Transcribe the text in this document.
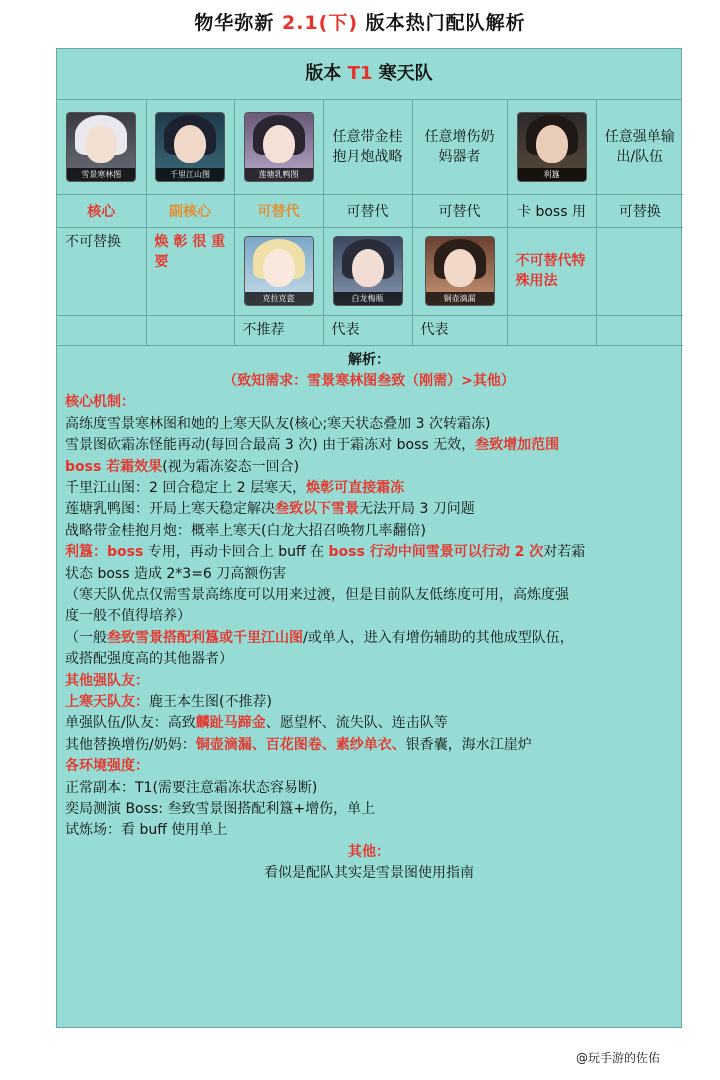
物华弥新 2.1(下) 版本热门配队解析
版本 T1 寒天队
雪景寒林图	千里江山图	莲塘乳鸭图	任意带金桂抱月炮战略	任意增伤奶妈器者	利簋	任意强单输出/队伍
核心	副核心	可替代	可替代	可替代	卡 boss 用	可替换
不可替换	焕 彰 很 重 要	克拉克瓷	白龙梅瓶	铜壶滴漏	不可替代特殊用法	
		不推荐	代表	代表		
解析：
（致知需求：雪景寒林图叁致（刚需）>其他）
核心机制：
高练度雪景寒林图和她的上寒天队友(核心;寒天状态叠加 3 次转霜冻)
雪景图砍霜冻怪能再动(每回合最高 3 次) 由于霜冻对 boss 无效，叁致增加范围
boss 若霜效果(视为霜冻姿态一回合)
千里江山图：2 回合稳定上 2 层寒天，焕彰可直接霜冻
莲塘乳鸭图：开局上寒天稳定解决叁致以下雪景无法开局 3 刀问题
战略带金桂抱月炮：概率上寒天(白龙大招召唤物几率翻倍)
利簋：boss 专用，再动卡回合上 buff 在 boss 行动中间雪景可以行动 2 次对若霜
状态 boss 造成 2*3=6 刀高额伤害
（寒天队优点仅需雪景高练度可以用来过渡，但是目前队友低练度可用，高炼度强
度一般不值得培养）
（一般叁致雪景搭配利簋或千里江山图/或单人，进入有增伤辅助的其他成型队伍，
或搭配强度高的其他器者）
其他强队友：
上寒天队友：鹿王本生图(不推荐)
单强队伍/队友：高致麟趾马蹄金、愿望杯、流失队、连击队等
其他替换增伤/奶妈：铜壶滴漏、百花图卷、素纱单衣、银香囊，海水江崖炉
各环境强度：
正常副本：T1(需要注意霜冻状态容易断)
奕局测演 Boss: 叁致雪景图搭配利簋+增伤，单上
试炼场：看 buff 使用单上
其他：
看似是配队其实是雪景图使用指南
@玩手游的佐佑
